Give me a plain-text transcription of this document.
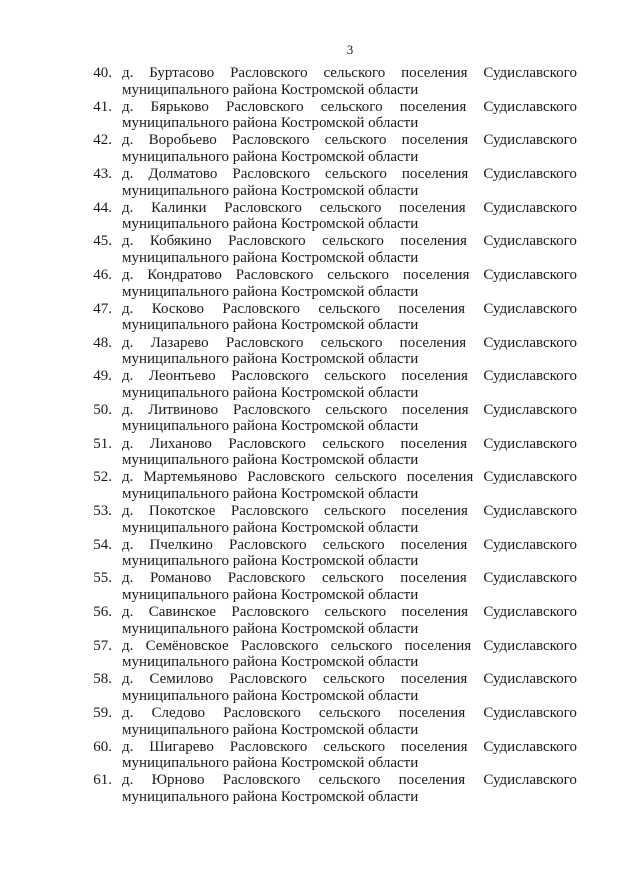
3
40. д. Буртасово Расловского сельского поселения Судиславского
муниципального района Костромской области
41. д. Бярьково Расловского сельского поселения Судиславского
муниципального района Костромской области
42. д. Воробьево Расловского сельского поселения Судиславского
муниципального района Костромской области
43. д. Долматово Расловского сельского поселения Судиславского
муниципального района Костромской области
44. д. Калинки Расловского сельского поселения Судиславского
муниципального района Костромской области
45. д. Кобякино Расловского сельского поселения Судиславского
муниципального района Костромской области
46. д. Кондратово Расловского сельского поселения Судиславского
муниципального района Костромской области
47. д. Косково Расловского сельского поселения Судиславского
муниципального района Костромской области
48. д. Лазарево Расловского сельского поселения Судиславского
муниципального района Костромской области
49. д. Леонтьево Расловского сельского поселения Судиславского
муниципального района Костромской области
50. д. Литвиново Расловского сельского поселения Судиславского
муниципального района Костромской области
51. д. Лиханово Расловского сельского поселения Судиславского
муниципального района Костромской области
52. д. Мартемьяново Расловского сельского поселения Судиславского
муниципального района Костромской области
53. д. Покотское Расловского сельского поселения Судиславского
муниципального района Костромской области
54. д. Пчелкино Расловского сельского поселения Судиславского
муниципального района Костромской области
55. д. Романово Расловского сельского поселения Судиславского
муниципального района Костромской области
56. д. Савинское Расловского сельского поселения Судиславского
муниципального района Костромской области
57. д. Семёновское Расловского сельского поселения Судиславского
муниципального района Костромской области
58. д. Семилово Расловского сельского поселения Судиславского
муниципального района Костромской области
59. д. Следово Расловского сельского поселения Судиславского
муниципального района Костромской области
60. д. Шигарево Расловского сельского поселения Судиславского
муниципального района Костромской области
61. д. Юрново Расловского сельского поселения Судиславского
муниципального района Костромской области
